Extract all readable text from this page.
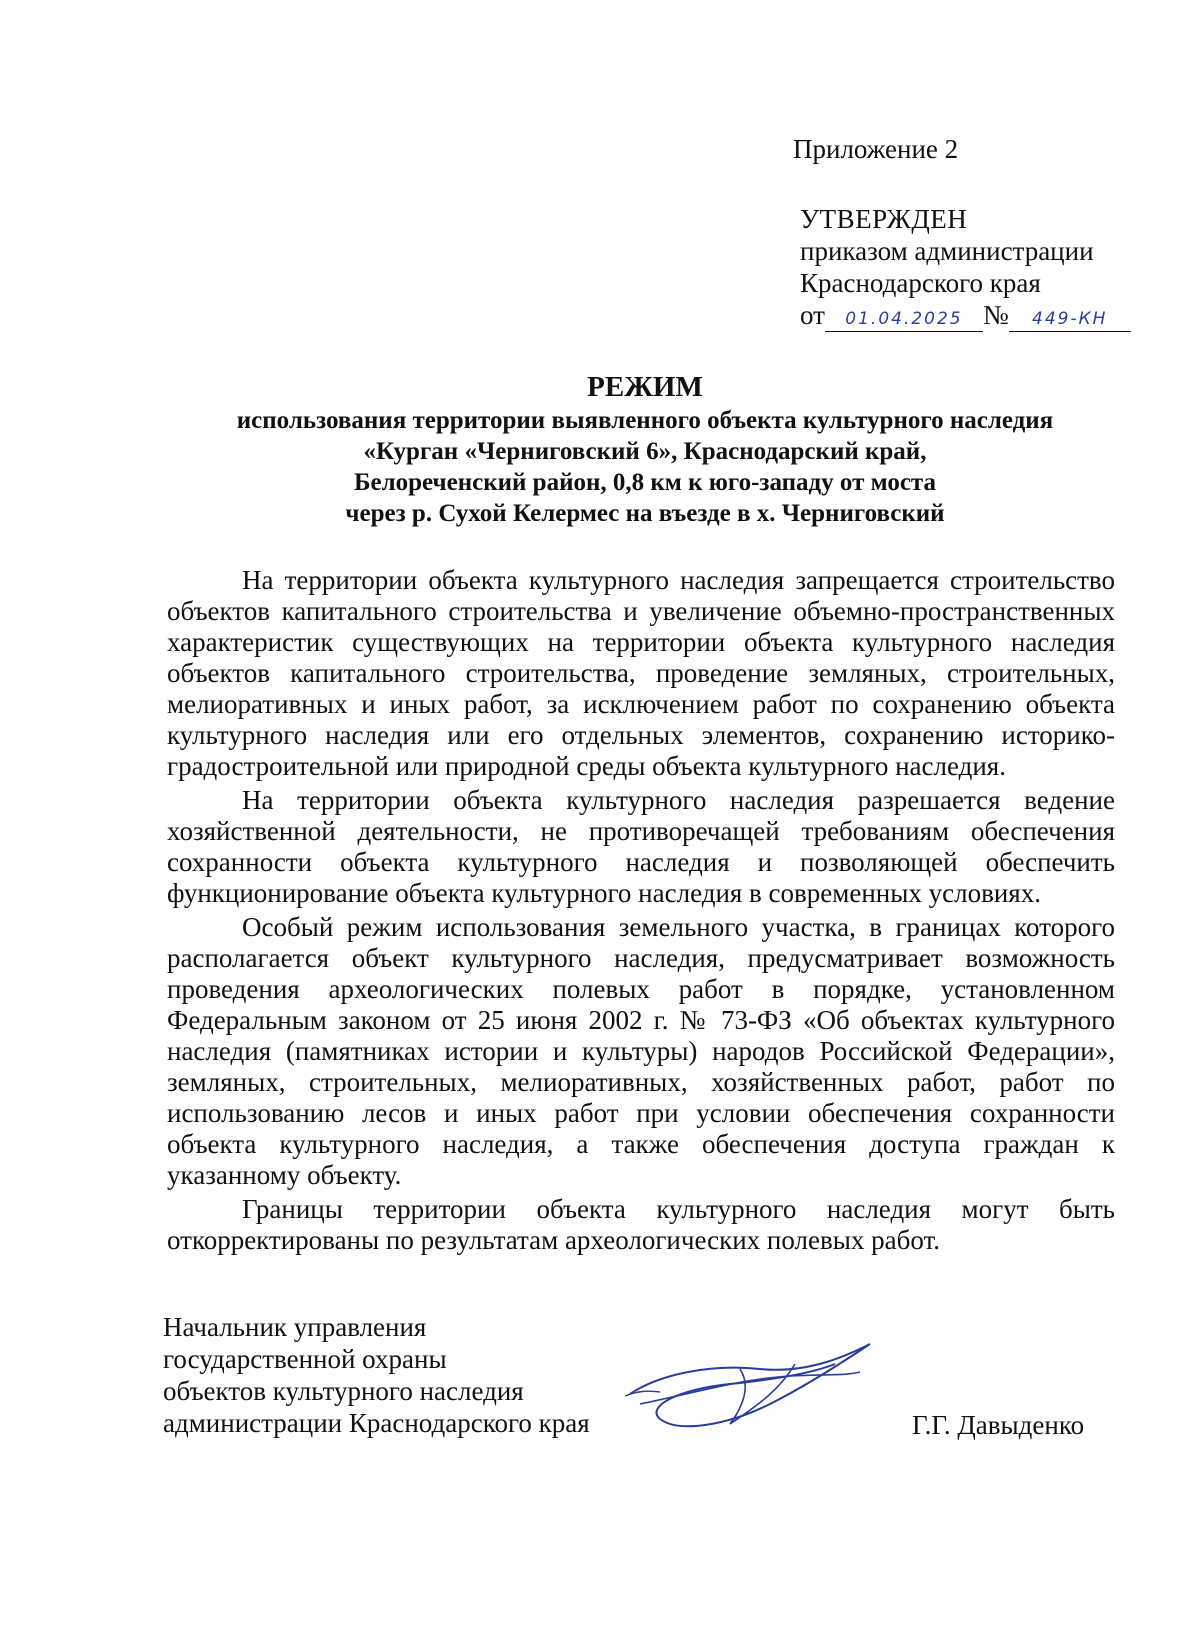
Приложение 2
УТВЕРЖДЕН
приказом администрации
Краснодарского края
от 01.04.2025 № 449-КН
РЕЖИМ
использования территории выявленного объекта культурного наследия
«Курган «Черниговский 6», Краснодарский край,
Белореченский район, 0,8 км к юго-западу от моста
через р. Сухой Келермес на въезде в х. Черниговский

На территории объекта культурного наследия запрещается строительство объектов капитального строительства и увеличение объемно-пространственных характеристик существующих на территории объекта культурного наследия объектов капитального строительства, проведение земляных, строительных, мелиоративных и иных работ, за исключением работ по сохранению объекта культурного наследия или его отдельных элементов, сохранению историко-градостроительной или природной среды объекта культурного наследия.

На территории объекта культурного наследия разрешается ведение хозяйственной деятельности, не противоречащей требованиям обеспечения сохранности объекта культурного наследия и позволяющей обеспечить функционирование объекта культурного наследия в современных условиях.

Особый режим использования земельного участка, в границах которого располагается объект культурного наследия, предусматривает возможность проведения археологических полевых работ в порядке, установленном Федеральным законом от 25 июня 2002 г. № 73-ФЗ «Об объектах культурного наследия (памятниках истории и культуры) народов Российской Федерации», земляных, строительных, мелиоративных, хозяйственных работ, работ по использованию лесов и иных работ при условии обеспечения сохранности объекта культурного наследия, а также обеспечения доступа граждан к указанному объекту.

Границы территории объекта культурного наследия могут быть откорректированы по результатам археологических полевых работ.

Начальник управления
государственной охраны
объектов культурного наследия
администрации Краснодарского края	Г.Г. Давыденко
